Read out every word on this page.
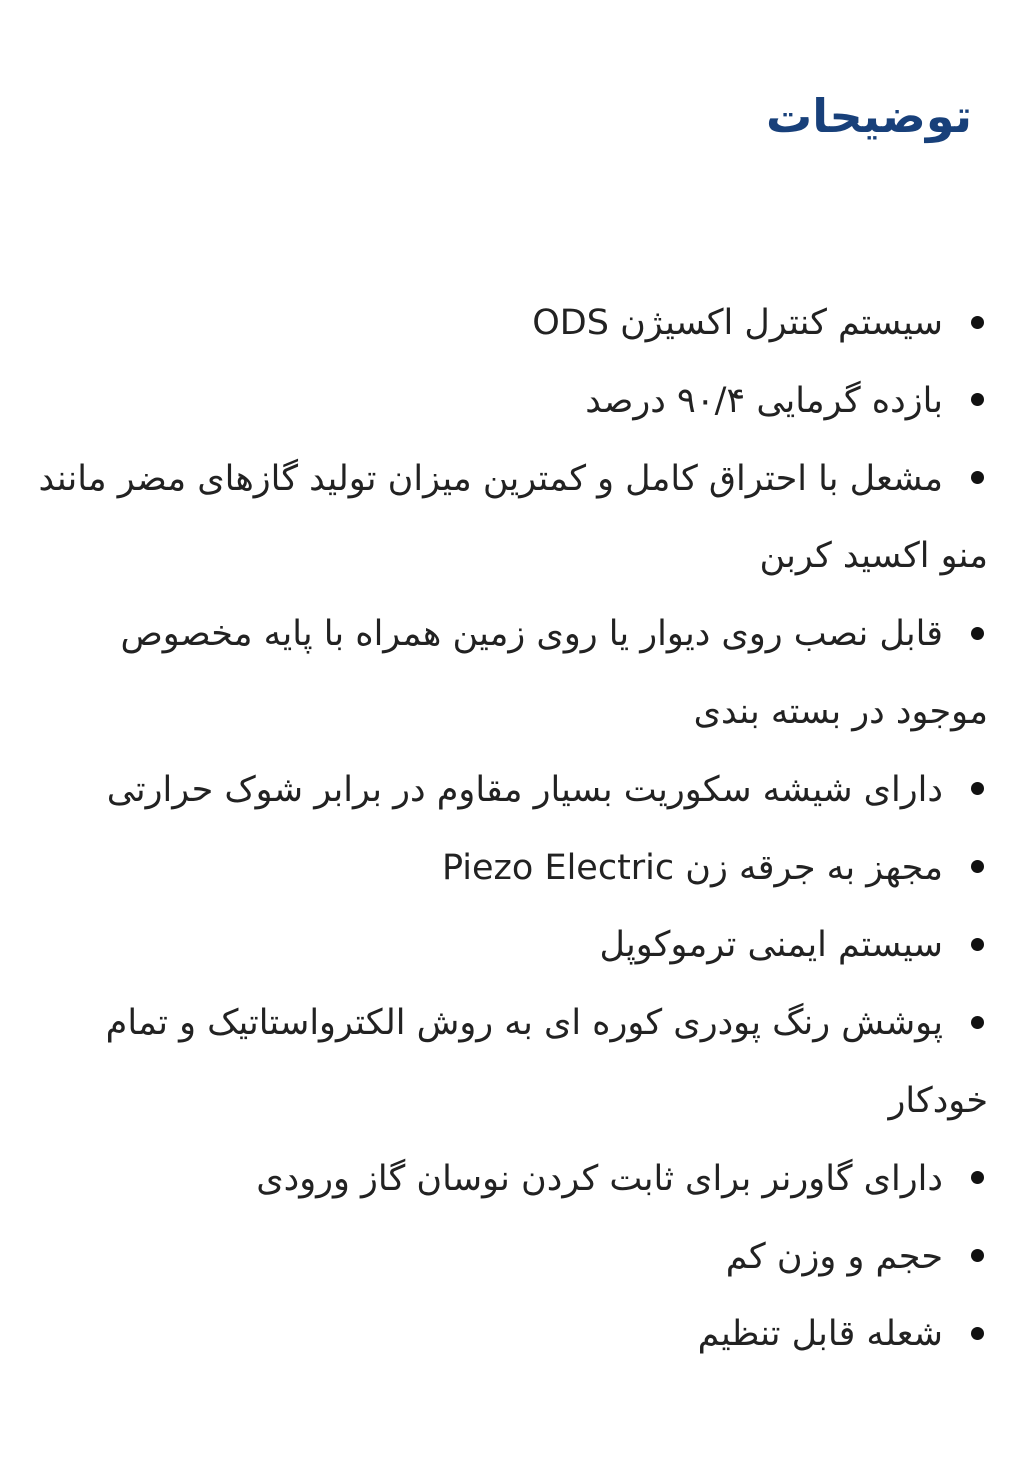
توضیحات
سیستم کنترل اکسیژن ODS
بازده گرمایی ۹۰/۴ درصد
مشعل با احتراق کامل و کمترین میزان تولید گازهای مضر مانند منو اکسید کربن
قابل نصب روی دیوار یا روی زمین همراه با پایه مخصوص موجود در بسته بندی
دارای شیشه سکوریت بسیار مقاوم در برابر شوک حرارتی
مجهز به جرقه زن Piezo Electric
سیستم ایمنی ترموکوپل
پوشش رنگ پودری کوره ای به روش الکترواستاتیک و تمام خودکار
دارای گاورنر برای ثابت کردن نوسان گاز ورودی
حجم و وزن کم
شعله قابل تنظیم
